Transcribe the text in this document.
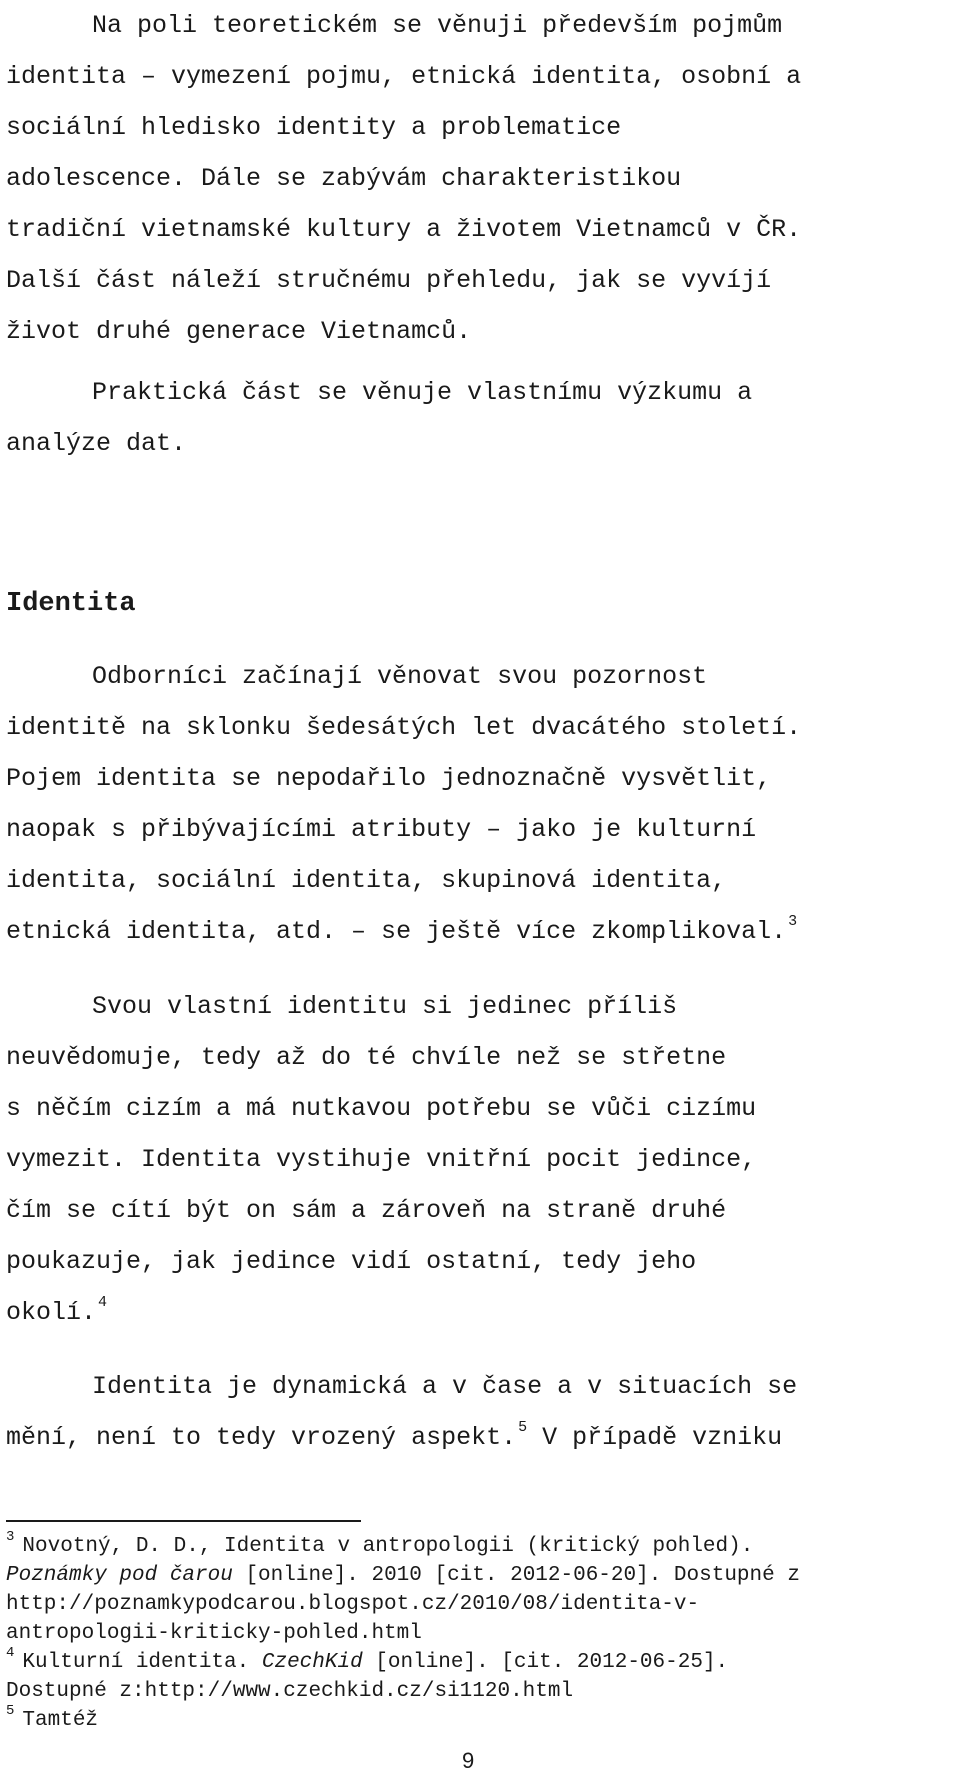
Na poli teoretickém se věnuji především pojmům

identita – vymezení pojmu, etnická identita, osobní a

sociální hledisko identity a problematice

adolescence. Dále se zabývám charakteristikou

tradiční vietnamské kultury a životem Vietnamců v ČR.

Další část náleží stručnému přehledu, jak se vyvíjí

život druhé generace Vietnamců.

Praktická část se věnuje vlastnímu výzkumu a

analýze dat.

Identita

Odborníci začínají věnovat svou pozornost

identitě na sklonku šedesátých let dvacátého století.

Pojem identita se nepodařilo jednoznačně vysvětlit,

naopak s přibývajícími atributy – jako je kulturní

identita, sociální identita, skupinová identita,

etnická identita, atd. – se ještě více zkomplikoval. $^3$

Svou vlastní identitu si jedinec příliš

neuvědomuje, tedy až do té chvíle než se střetne

s něčím cizím a má nutkavou potřebu se vůči cizímu

vymezit. Identita vystihuje vnitřní pocit jedince,

čím se cítí být on sám a zároveň na straně druhé

poukazuje, jak jedince vidí ostatní, tedy jeho

okolí. $^4$

Identita je dynamická a v čase a v situacích se

mění, není to tedy vrozený aspekt. $^5$ V případě vzniku

$^3$ Novotný, D. D., Identita v antropologii (kritický pohled).

Poznámky pod čarou [online]. 2010 [cit. 2012-06-20]. Dostupné z

http://poznamkypodcarou.blogspot.cz/2010/08/identita-v-

antropologii-kriticky-pohled.html

$^4$ Kulturní identita. CzechKid [online]. [cit. 2012-06-25].

Dostupné z:http://www.czechkid.cz/si1120.html

$^5$ Tamtéž

9
